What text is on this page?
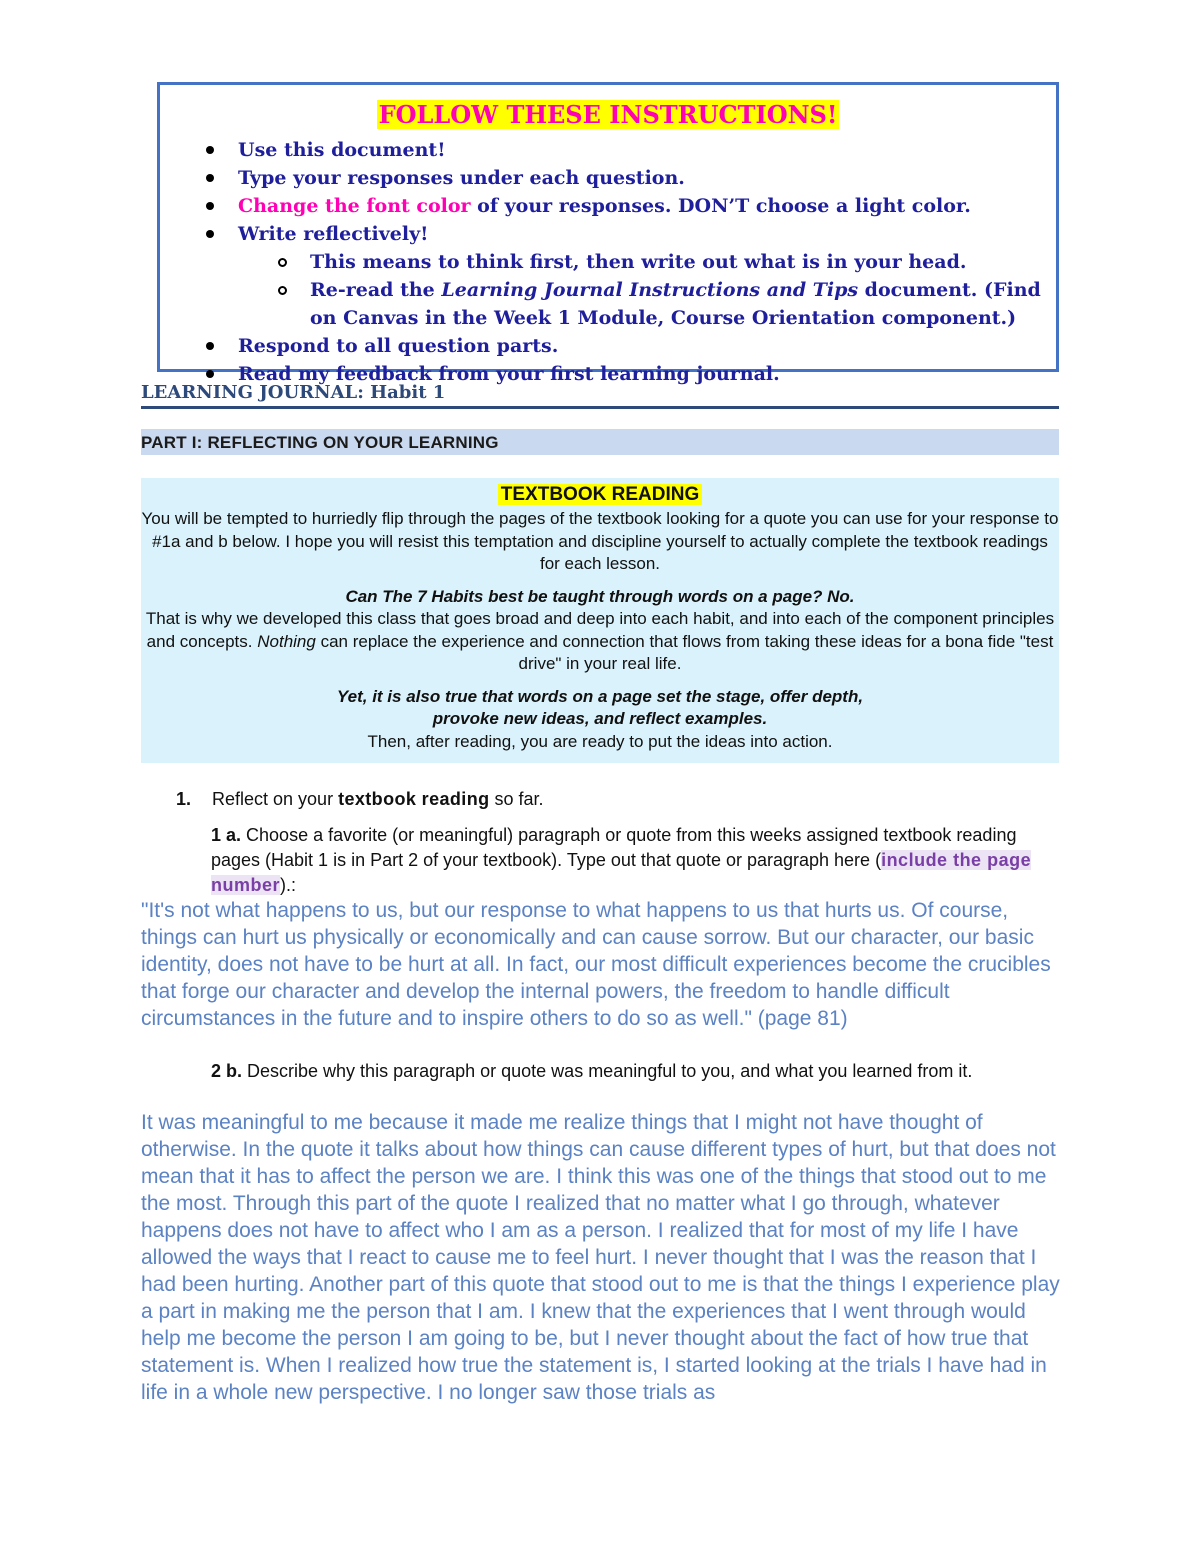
FOLLOW THESE INSTRUCTIONS!
Use this document!
Type your responses under each question.
Change the font color of your responses. DON’T choose a light color.
Write reflectively!
This means to think first, then write out what is in your head.
Re-read the Learning Journal Instructions and Tips document. (Find
on Canvas in the Week 1 Module, Course Orientation component.)
Respond to all question parts.
Read my feedback from your first learning journal.
LEARNING JOURNAL: Habit 1
PART I: REFLECTING ON YOUR LEARNING
TEXTBOOK READING

You will be tempted to hurriedly flip through the pages of the textbook looking for a quote you can use for your response to #1a and b below. I hope you will resist this temptation and discipline yourself to actually complete the textbook readings for each lesson.

Can The 7 Habits best be taught through words on a page? No.

That is why we developed this class that goes broad and deep into each habit, and into each of the component principles and concepts. Nothing can replace the experience and connection that flows from taking these ideas for a bona fide "test drive" in your real life.

Yet, it is also true that words on a page set the stage, offer depth,

provoke new ideas, and reflect examples.

Then, after reading, you are ready to put the ideas into action.

1. Reflect on your textbook reading so far.
1 a. Choose a favorite (or meaningful) paragraph or quote from this weeks assigned textbook reading pages (Habit 1 is in Part 2 of your textbook). Type out that quote or paragraph here (include the page number).:
"It's not what happens to us, but our response to what happens to us that hurts us. Of course, things can hurt us physically or economically and can cause sorrow. But our character, our basic identity, does not have to be hurt at all. In fact, our most difficult experiences become the crucibles that forge our character and develop the internal powers, the freedom to handle difficult circumstances in the future and to inspire others to do so as well." (page 81)
2 b. Describe why this paragraph or quote was meaningful to you, and what you learned from it.
It was meaningful to me because it made me realize things that I might not have thought of otherwise. In the quote it talks about how things can cause different types of hurt, but that does not mean that it has to affect the person we are. I think this was one of the things that stood out to me the most. Through this part of the quote I realized that no matter what I go through, whatever happens does not have to affect who I am as a person. I realized that for most of my life I have allowed the ways that I react to cause me to feel hurt. I never thought that I was the reason that I had been hurting. Another part of this quote that stood out to me is that the things I experience play a part in making me the person that I am. I knew that the experiences that I went through would help me become the person I am going to be, but I never thought about the fact of how true that statement is. When I realized how true the statement is, I started looking at the trials I have had in life in a whole new perspective. I no longer saw those trials as
